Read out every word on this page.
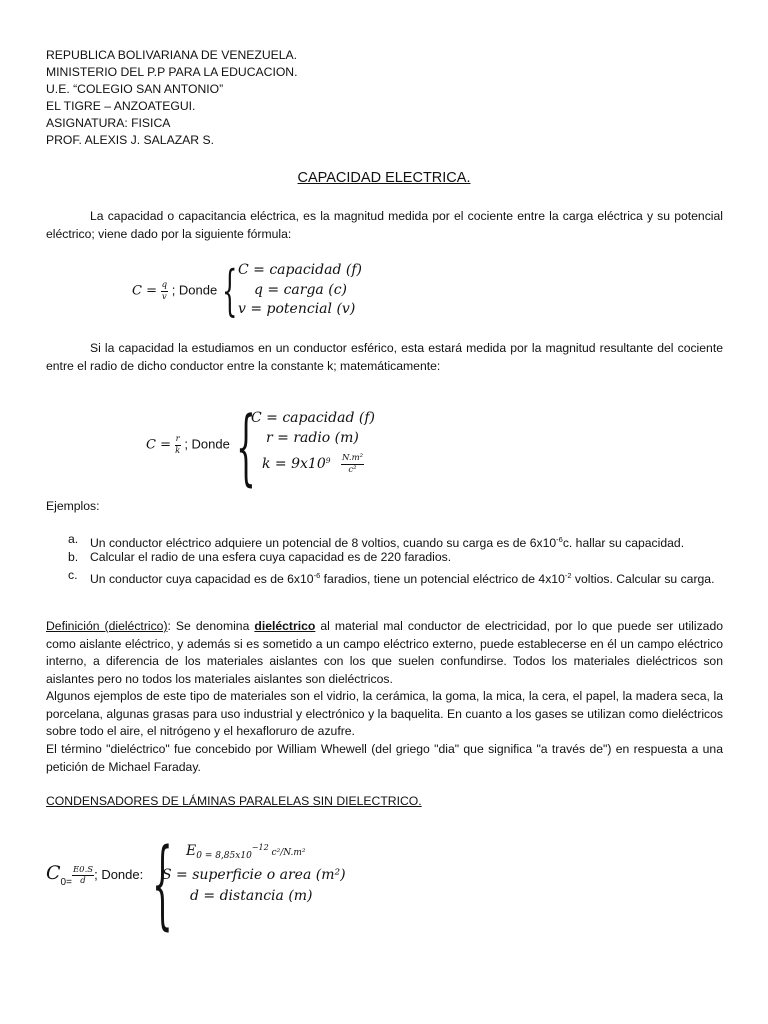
REPUBLICA BOLIVARIANA DE VENEZUELA.
MINISTERIO DEL P.P PARA LA EDUCACION.
U.E. “COLEGIO SAN ANTONIO”
EL TIGRE – ANZOATEGUI.
ASIGNATURA: FISICA
PROF. ALEXIS J. SALAZAR S.
CAPACIDAD ELECTRICA.
La capacidad o capacitancia eléctrica, es la magnitud medida por el cociente entre la carga eléctrica y su potencial eléctrico; viene dado por la siguiente fórmula:
$C = \frac{q}{v}$ ; Donde { C = capacidad (f)
q = carga (c)
v = potencial (v)
Si la capacidad la estudiamos en un conductor esférico, esta estará medida por la magnitud resultante del cociente entre el radio de dicho conductor entre la constante k; matemáticamente:
$C = \frac{r}{k}$ ; Donde {
C = capacidad (f)
r = radio (m)
$k = 9x10^9 \frac{\text{N.m²}}{\text{c²}}$
Ejemplos:
a. Un conductor eléctrico adquiere un potencial de 8 voltios, cuando su carga es de $6x10^{-6}c$. hallar su capacidad.
b. Calcular el radio de una esfera cuya capacidad es de 220 faradios.
c. Un conductor cuya capacidad es de $6x10^{-6}$ faradios, tiene un potencial eléctrico de $4x10^{-2}$ voltios. Calcular su carga.
Definición (dieléctrico): Se denomina dieléctrico al material mal conductor de electricidad, por lo que puede ser utilizado como aislante eléctrico, y además si es sometido a un campo eléctrico externo, puede establecerse en él un campo eléctrico interno, a diferencia de los materiales aislantes con los que suelen confundirse. Todos los materiales dieléctricos son aislantes pero no todos los materiales aislantes son dieléctricos.
Algunos ejemplos de este tipo de materiales son el vidrio, la cerámica, la goma, la mica, la cera, el papel, la madera seca, la porcelana, algunas grasas para uso industrial y electrónico y la baquelita. En cuanto a los gases se utilizan como dieléctricos sobre todo el aire, el nitrógeno y el hexafloruro de azufre.
El término "dieléctrico" fue concebido por William Whewell (del griego "dia" que significa "a través de") en respuesta a una petición de Michael Faraday.
CONDENSADORES DE LÁMINAS PARALELAS SIN DIELECTRICO.
$C_{0=} \frac{E0.S}{d}$ ; Donde: { $E_{0 = 8,85x10}^{-12}$ c²/N.m²
S = superficie o area (m²)
d = distancia (m)
